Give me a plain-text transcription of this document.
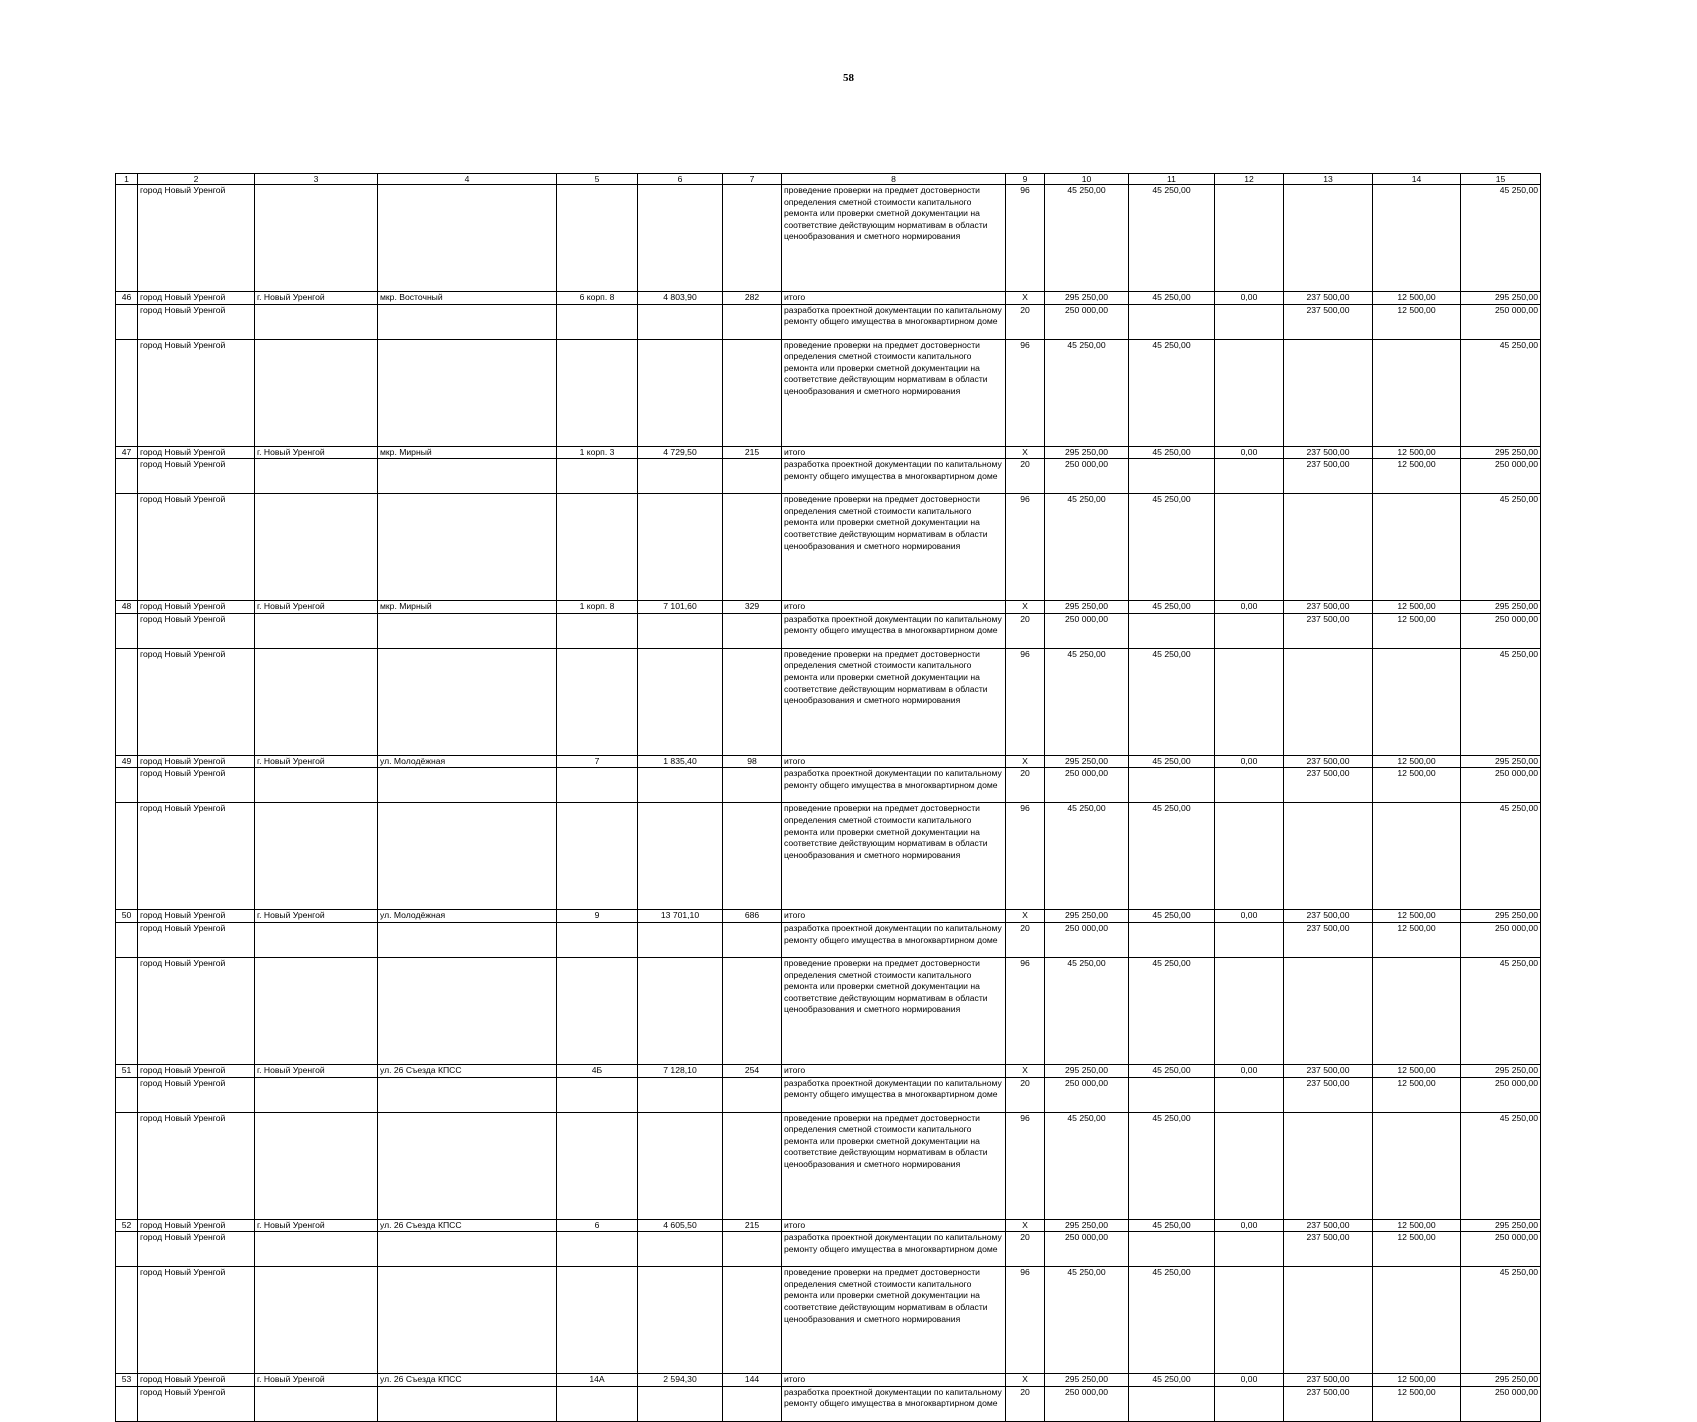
58
1	2	3	4	5	6	7	8	9	10	11	12	13	14	15
	город Новый Уренгой						проведение проверки на предмет достоверности определения сметной стоимости капитального ремонта или проверки сметной документации на соответствие действующим нормативам в области ценообразования и сметного нормирования	96	45 250,00	45 250,00				45 250,00
46	город Новый Уренгой	г. Новый Уренгой	мкр. Восточный	6 корп. 8	4 803,90	282	итого	X	295 250,00	45 250,00	0,00	237 500,00	12 500,00	295 250,00
	город Новый Уренгой						разработка проектной документации по капитальному ремонту общего имущества в многоквартирном доме	20	250 000,00			237 500,00	12 500,00	250 000,00
	город Новый Уренгой						проведение проверки на предмет достоверности определения сметной стоимости капитального ремонта или проверки сметной документации на соответствие действующим нормативам в области ценообразования и сметного нормирования	96	45 250,00	45 250,00				45 250,00
47	город Новый Уренгой	г. Новый Уренгой	мкр. Мирный	1 корп. 3	4 729,50	215	итого	X	295 250,00	45 250,00	0,00	237 500,00	12 500,00	295 250,00
	город Новый Уренгой						разработка проектной документации по капитальному ремонту общего имущества в многоквартирном доме	20	250 000,00			237 500,00	12 500,00	250 000,00
	город Новый Уренгой						проведение проверки на предмет достоверности определения сметной стоимости капитального ремонта или проверки сметной документации на соответствие действующим нормативам в области ценообразования и сметного нормирования	96	45 250,00	45 250,00				45 250,00
48	город Новый Уренгой	г. Новый Уренгой	мкр. Мирный	1 корп. 8	7 101,60	329	итого	X	295 250,00	45 250,00	0,00	237 500,00	12 500,00	295 250,00
	город Новый Уренгой						разработка проектной документации по капитальному ремонту общего имущества в многоквартирном доме	20	250 000,00			237 500,00	12 500,00	250 000,00
	город Новый Уренгой						проведение проверки на предмет достоверности определения сметной стоимости капитального ремонта или проверки сметной документации на соответствие действующим нормативам в области ценообразования и сметного нормирования	96	45 250,00	45 250,00				45 250,00
49	город Новый Уренгой	г. Новый Уренгой	ул. Молодёжная	7	1 835,40	98	итого	X	295 250,00	45 250,00	0,00	237 500,00	12 500,00	295 250,00
	город Новый Уренгой						разработка проектной документации по капитальному ремонту общего имущества в многоквартирном доме	20	250 000,00			237 500,00	12 500,00	250 000,00
	город Новый Уренгой						проведение проверки на предмет достоверности определения сметной стоимости капитального ремонта или проверки сметной документации на соответствие действующим нормативам в области ценообразования и сметного нормирования	96	45 250,00	45 250,00				45 250,00
50	город Новый Уренгой	г. Новый Уренгой	ул. Молодёжная	9	13 701,10	686	итого	X	295 250,00	45 250,00	0,00	237 500,00	12 500,00	295 250,00
	город Новый Уренгой						разработка проектной документации по капитальному ремонту общего имущества в многоквартирном доме	20	250 000,00			237 500,00	12 500,00	250 000,00
	город Новый Уренгой						проведение проверки на предмет достоверности определения сметной стоимости капитального ремонта или проверки сметной документации на соответствие действующим нормативам в области ценообразования и сметного нормирования	96	45 250,00	45 250,00				45 250,00
51	город Новый Уренгой	г. Новый Уренгой	ул. 26 Съезда КПСС	4Б	7 128,10	254	итого	X	295 250,00	45 250,00	0,00	237 500,00	12 500,00	295 250,00
	город Новый Уренгой						разработка проектной документации по капитальному ремонту общего имущества в многоквартирном доме	20	250 000,00			237 500,00	12 500,00	250 000,00
	город Новый Уренгой						проведение проверки на предмет достоверности определения сметной стоимости капитального ремонта или проверки сметной документации на соответствие действующим нормативам в области ценообразования и сметного нормирования	96	45 250,00	45 250,00				45 250,00
52	город Новый Уренгой	г. Новый Уренгой	ул. 26 Съезда КПСС	6	4 605,50	215	итого	X	295 250,00	45 250,00	0,00	237 500,00	12 500,00	295 250,00
	город Новый Уренгой						разработка проектной документации по капитальному ремонту общего имущества в многоквартирном доме	20	250 000,00			237 500,00	12 500,00	250 000,00
	город Новый Уренгой						проведение проверки на предмет достоверности определения сметной стоимости капитального ремонта или проверки сметной документации на соответствие действующим нормативам в области ценообразования и сметного нормирования	96	45 250,00	45 250,00				45 250,00
53	город Новый Уренгой	г. Новый Уренгой	ул. 26 Съезда КПСС	14А	2 594,30	144	итого	X	295 250,00	45 250,00	0,00	237 500,00	12 500,00	295 250,00
	город Новый Уренгой						разработка проектной документации по капитальному ремонту общего имущества в многоквартирном доме	20	250 000,00			237 500,00	12 500,00	250 000,00
